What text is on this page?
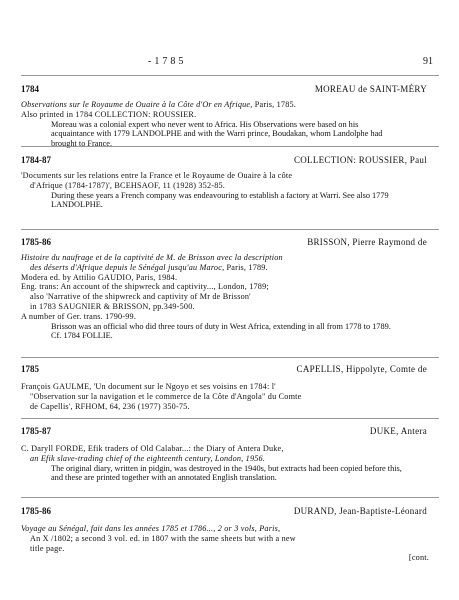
-1785	91
1784	MOREAU de SAINT-MÉRY
Observations sur le Royaume de Ouaire à la Côte d'Or en Afrique, Paris, 1785.
Also printed in 1784 COLLECTION: ROUSSIER.
Moreau was a colonial expert who never went to Africa. His Observations were based on his
acquaintance with 1779 LANDOLPHE and with the Warri prince, Boudakan, whom Landolphe had
brought to France.
1784-87	COLLECTION: ROUSSIER, Paul
'Documents sur les relations entre la France et le Royaume de Ouaire à la côte
d'Afrique (1784-1787)', BCEHSAOF, 11 (1928) 352-85.
During these years a French company was endeavouring to establish a factory at Warri. See also 1779
LANDOLPHE.
1785-86	BRISSON, Pierre Raymond de
Histoire du naufrage et de la captivité de M. de Brisson avec la description
des déserts d'Afrique depuis le Sénégal jusqu'au Maroc, Paris, 1789.
Modera ed. by Attilio GAUDIO, Paris, 1984.
Eng. trans: An account of the shipwreck and captivity..., London, 1789;
also 'Narrative of the shipwreck and captivity of Mr de Brisson'
in 1783 SAUGNIER & BRISSON, pp.349-500.
A number of Ger. trans. 1790-99.
Brisson was an official who did three tours of duty in West Africa, extending in all from 1778 to 1789.
Cf. 1784 FOLLIE.
1785	CAPELLIS, Hippolyte, Comte de
François GAULME, 'Un document sur le Ngoyo et ses voisins en 1784: l'
"Observation sur la navigation et le commerce de la Côte d'Angola" du Comte
de Capellis', RFHOM, 64, 236 (1977) 350-75.
1785-87	DUKE, Antera
C. Daryll FORDE, Efik traders of Old Calabar...: the Diary of Antera Duke,
an Efik slave-trading chief of the eighteenth century, London, 1956.
The original diary, written in pidgin, was destroyed in the 1940s, but extracts had been copied before this,
and these are printed together with an annotated English translation.
1785-86	DURAND, Jean-Baptiste-Léonard
Voyage au Sénégal, fait dans les années 1785 et 1786..., 2 or 3 vols, Paris,
An X /1802; a second 3 vol. ed. in 1807 with the same sheets but with a new
title page.
[cont.
